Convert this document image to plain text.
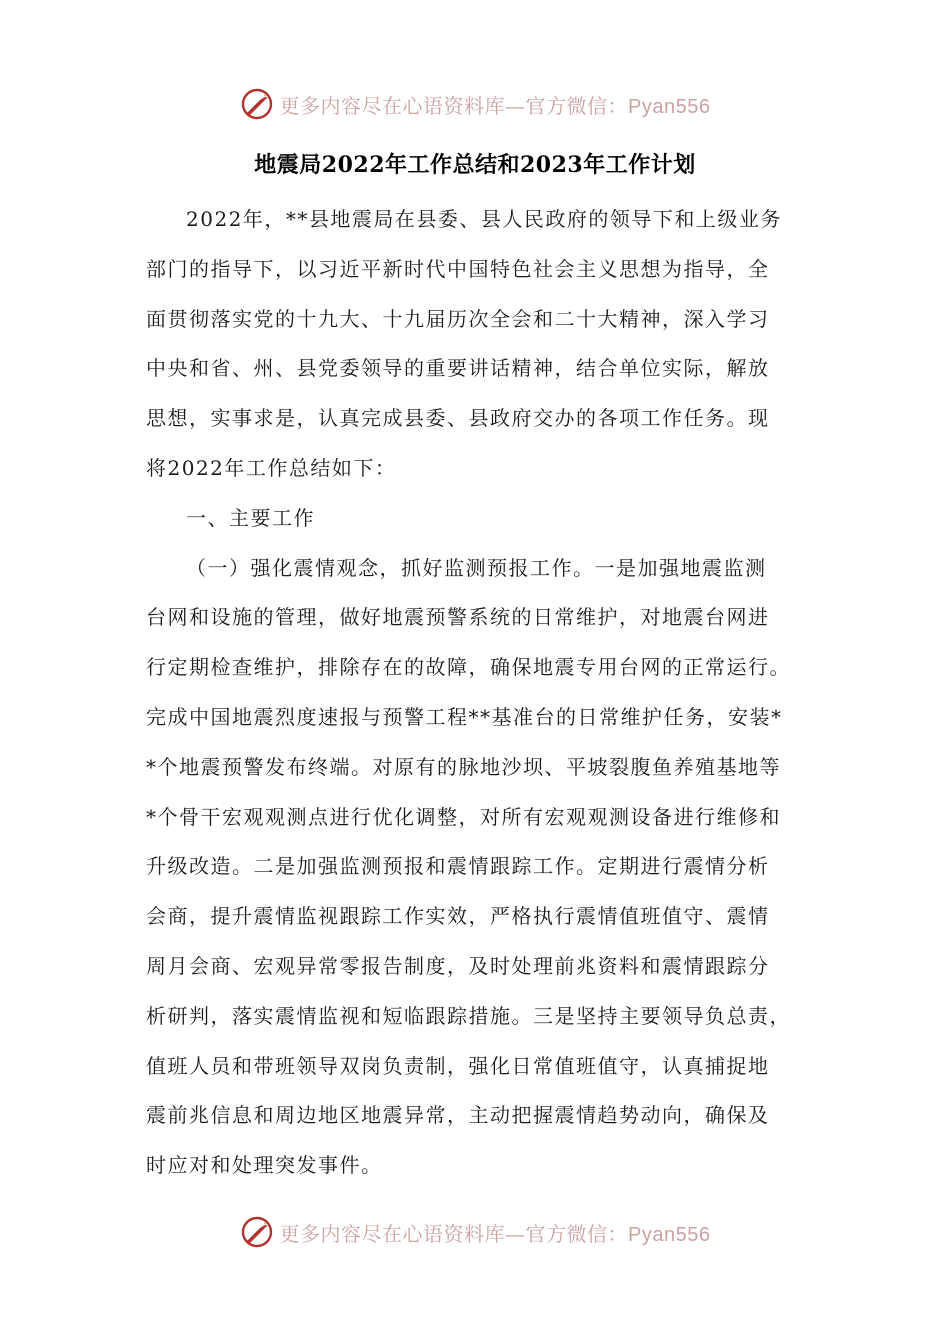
更多内容尽在心语资料库—官方微信：Pyan556
地震局2022年工作总结和2023年工作计划
2022年，**县地震局在县委、县人民政府的领导下和上级业务
部门的指导下，以习近平新时代中国特色社会主义思想为指导，全
面贯彻落实党的十九大、十九届历次全会和二十大精神，深入学习
中央和省、州、县党委领导的重要讲话精神，结合单位实际，解放
思想，实事求是，认真完成县委、县政府交办的各项工作任务。现
将2022年工作总结如下：
一、主要工作
（一）强化震情观念，抓好监测预报工作。一是加强地震监测
台网和设施的管理，做好地震预警系统的日常维护，对地震台网进
行定期检查维护，排除存在的故障，确保地震专用台网的正常运行。
完成中国地震烈度速报与预警工程**基准台的日常维护任务，安装*
*个地震预警发布终端。对原有的脉地沙坝、平坡裂腹鱼养殖基地等
*个骨干宏观观测点进行优化调整，对所有宏观观测设备进行维修和
升级改造。二是加强监测预报和震情跟踪工作。定期进行震情分析
会商，提升震情监视跟踪工作实效，严格执行震情值班值守、震情
周月会商、宏观异常零报告制度，及时处理前兆资料和震情跟踪分
析研判，落实震情监视和短临跟踪措施。三是坚持主要领导负总责，
值班人员和带班领导双岗负责制，强化日常值班值守，认真捕捉地
震前兆信息和周边地区地震异常，主动把握震情趋势动向，确保及
时应对和处理突发事件。
更多内容尽在心语资料库—官方微信：Pyan556
